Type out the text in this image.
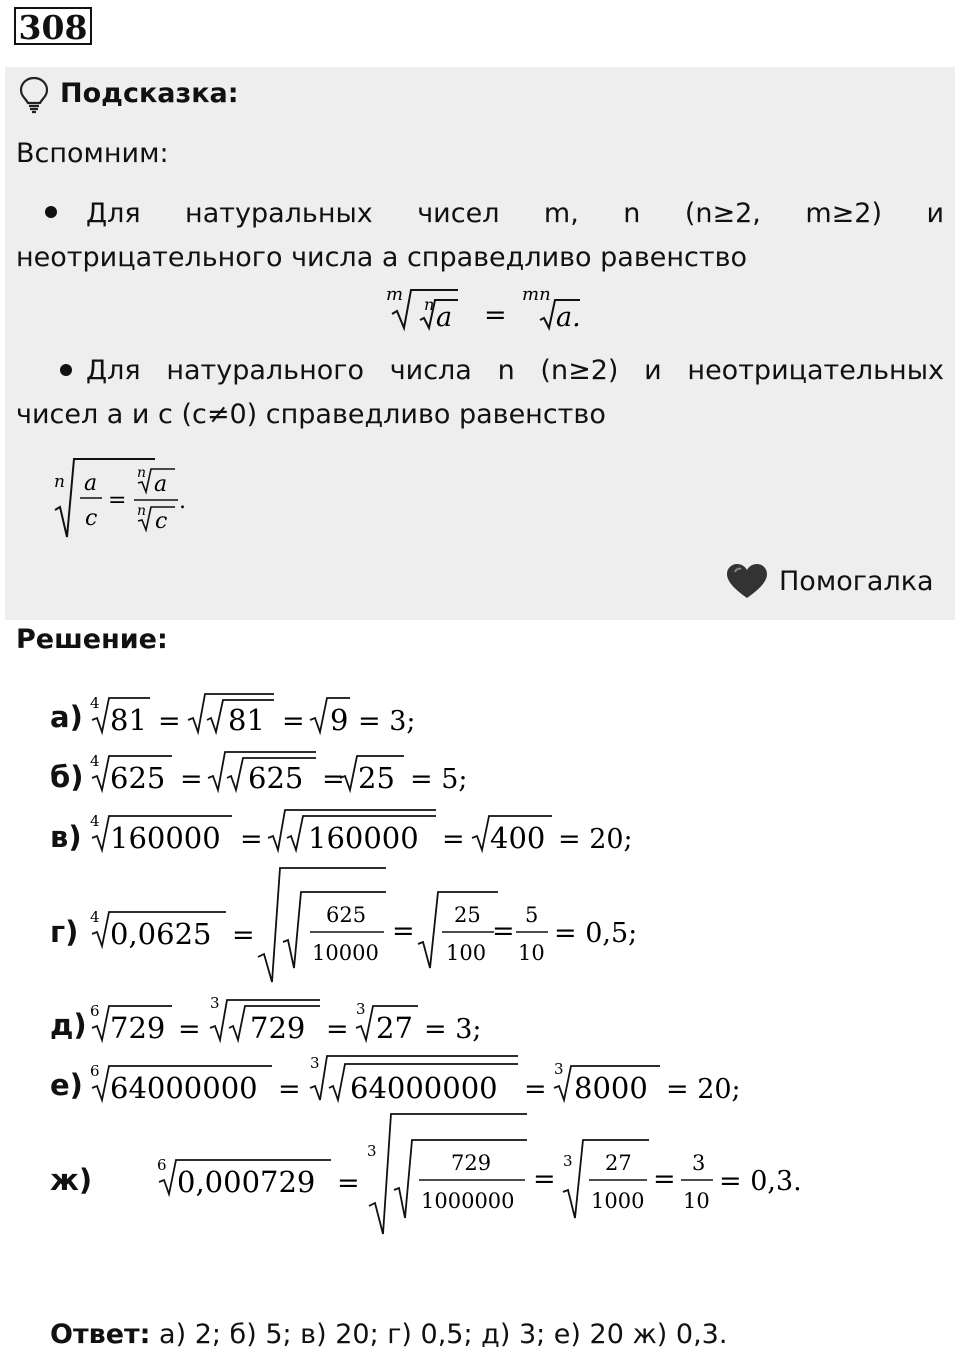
308
Подсказка:
Вспомним:
Для натуральных чисел m, n (n≥2, m≥2) и
неотрицательного числа a справедливо равенство
m n a =
mn
a.
Для натурального числа n (n≥2) и неотрицательных
чисел a и c (c≠0) справедливо равенство
n a
c
=
n a
n c
.
Помогалка
Решение:
а) 4 81 = 81 = 9 = 3;
б) 4 625 = 625 = 25 = 5;
в) 4 160000 = 160000 = 400 = 20;
г) 4 0,0625 =
625
10000
=
25
100
=
5
10
= 0,5;
д) 6 729 =
3
729 =
3
27 = 3;
е) 6 64000000 =
3
64000000 =
3
8000 = 20;
ж)	6 0,000729 =
3	729
1000000
=
3 27
1000
=
3
10
= 0,3.
Ответ: а) 2; б) 5; в) 20; г) 0,5; д) 3; е) 20 ж) 0,3.
